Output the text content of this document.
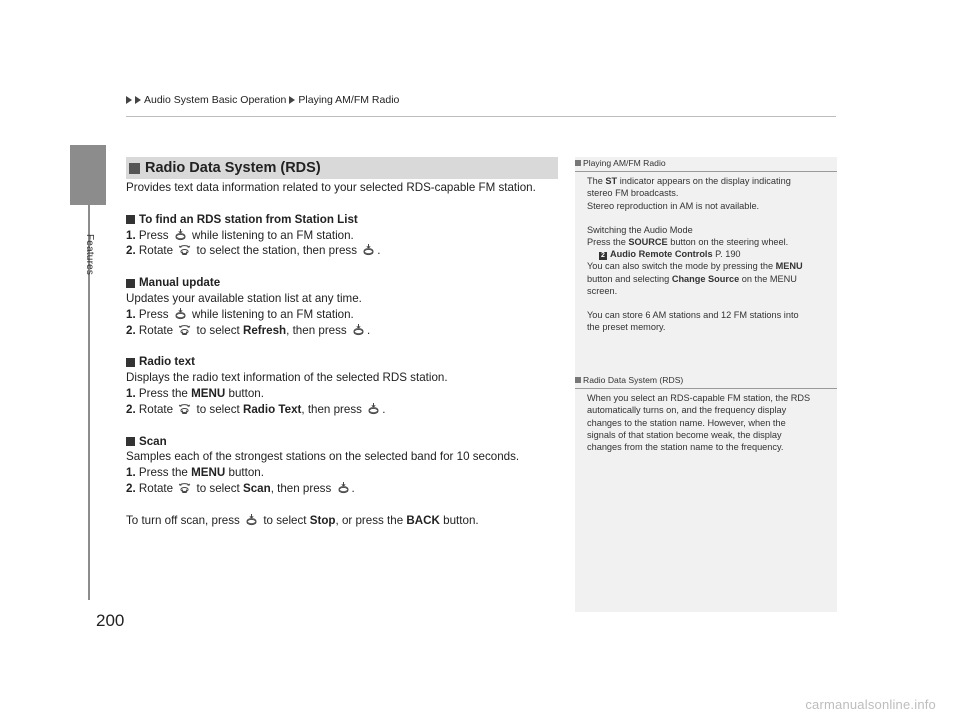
Features
200
Audio System Basic Operation Playing AM/FM Radio
Radio Data System (RDS)

Provides text data information related to your selected RDS-capable FM station.

To find an RDS station from Station List

1. Press while listening to an FM station.

2. Rotate to select the station, then press .

Manual update

Updates your available station list at any time.

1. Press while listening to an FM station.

2. Rotate to select Refresh, then press .

Radio text

Displays the radio text information of the selected RDS station.

1. Press the MENU button.

2. Rotate to select Radio Text, then press .

Scan

Samples each of the strongest stations on the selected band for 10 seconds.

1. Press the MENU button.

2. Rotate to select Scan, then press .

To turn off scan, press to select Stop, or press the BACK button.

Playing AM/FM Radio

The ST indicator appears on the display indicating

stereo FM broadcasts.

Stereo reproduction in AM is not available.

Switching the Audio Mode

Press the SOURCE button on the steering wheel.

2 Audio Remote Controls P. 190

You can also switch the mode by pressing the MENU

button and selecting Change Source on the MENU

screen.

You can store 6 AM stations and 12 FM stations into

the preset memory.

Radio Data System (RDS)

When you select an RDS-capable FM station, the RDS

automatically turns on, and the frequency display

changes to the station name. However, when the

signals of that station become weak, the display

changes from the station name to the frequency.

carmanualsonline.info
